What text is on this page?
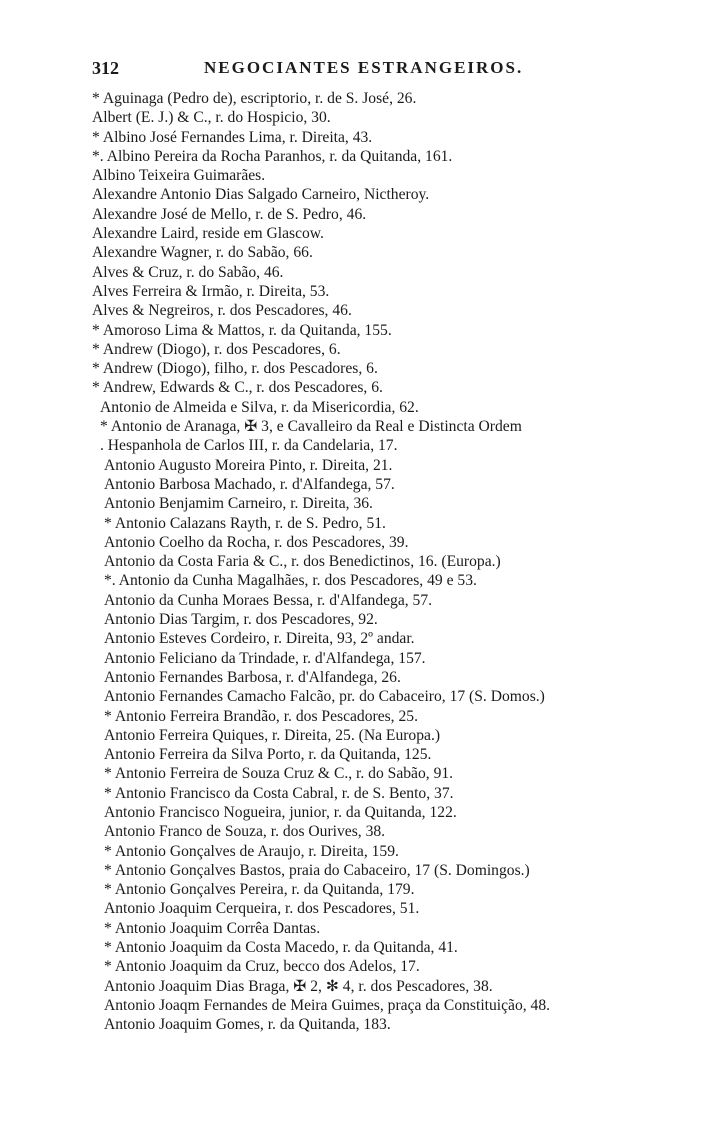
312	NEGOCIANTES ESTRANGEIROS.
* Aguinaga (Pedro de), escriptorio, r. de S. José, 26.
Albert (E. J.) & C., r. do Hospicio, 30.
* Albino José Fernandes Lima, r. Direita, 43.
*. Albino Pereira da Rocha Paranhos, r. da Quitanda, 161.
Albino Teixeira Guimarães.
Alexandre Antonio Dias Salgado Carneiro, Nictheroy.
Alexandre José de Mello, r. de S. Pedro, 46.
Alexandre Laird, reside em Glascow.
Alexandre Wagner, r. do Sabão, 66.
Alves & Cruz, r. do Sabão, 46.
Alves Ferreira & Irmão, r. Direita, 53.
Alves & Negreiros, r. dos Pescadores, 46.
* Amoroso Lima & Mattos, r. da Quitanda, 155.
* Andrew (Diogo), r. dos Pescadores, 6.
* Andrew (Diogo), filho, r. dos Pescadores, 6.
* Andrew, Edwards & C., r. dos Pescadores, 6.
Antonio de Almeida e Silva, r. da Misericordia, 62.
* Antonio de Aranaga, ✠ 3, e Cavalleiro da Real e Distincta Ordem
. Hespanhola de Carlos III, r. da Candelaria, 17.
Antonio Augusto Moreira Pinto, r. Direita, 21.
Antonio Barbosa Machado, r. d'Alfandega, 57.
Antonio Benjamim Carneiro, r. Direita, 36.
* Antonio Calazans Rayth, r. de S. Pedro, 51.
Antonio Coelho da Rocha, r. dos Pescadores, 39.
Antonio da Costa Faria & C., r. dos Benedictinos, 16. (Europa.)
*. Antonio da Cunha Magalhães, r. dos Pescadores, 49 e 53.
Antonio da Cunha Moraes Bessa, r. d'Alfandega, 57.
Antonio Dias Targim, r. dos Pescadores, 92.
Antonio Esteves Cordeiro, r. Direita, 93, 2º andar.
Antonio Feliciano da Trindade, r. d'Alfandega, 157.
Antonio Fernandes Barbosa, r. d'Alfandega, 26.
Antonio Fernandes Camacho Falcão, pr. do Cabaceiro, 17 (S. Domos.)
* Antonio Ferreira Brandão, r. dos Pescadores, 25.
Antonio Ferreira Quiques, r. Direita, 25. (Na Europa.)
Antonio Ferreira da Silva Porto, r. da Quitanda, 125.
* Antonio Ferreira de Souza Cruz & C., r. do Sabão, 91.
* Antonio Francisco da Costa Cabral, r. de S. Bento, 37.
Antonio Francisco Nogueira, junior, r. da Quitanda, 122.
Antonio Franco de Souza, r. dos Ourives, 38.
* Antonio Gonçalves de Araujo, r. Direita, 159.
* Antonio Gonçalves Bastos, praia do Cabaceiro, 17 (S. Domingos.)
* Antonio Gonçalves Pereira, r. da Quitanda, 179.
Antonio Joaquim Cerqueira, r. dos Pescadores, 51.
* Antonio Joaquim Corrêa Dantas.
* Antonio Joaquim da Costa Macedo, r. da Quitanda, 41.
* Antonio Joaquim da Cruz, becco dos Adelos, 17.
Antonio Joaquim Dias Braga, ✠ 2, ✻ 4, r. dos Pescadores, 38.
Antonio Joaqm Fernandes de Meira Guimes, praça da Constituição, 48.
Antonio Joaquim Gomes, r. da Quitanda, 183.
